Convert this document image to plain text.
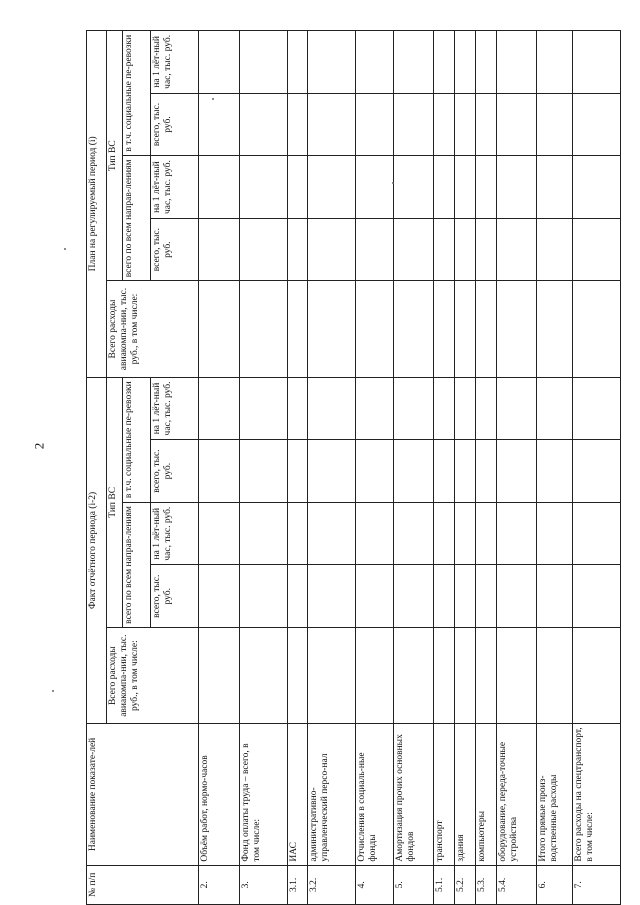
2
№ п/п	Наименование показате-лей	Факт отчётного периода (i-2)					План на регулируемый период (i)				
		Всего расходы авиакомпа-нии, тыс. руб., в том числе:	Тип ВС				Всего расходы авиакомпа-нии, тыс. руб., в том числе:	Тип ВС			
			всего по всем направ-лениям		в т.ч. социальные пе-ревозки			всего по всем направ-лениям		в т.ч. социальные пе-ревозки	
			всего, тыс. руб.	на 1 лёт-ный час, тыс. руб.	всего, тыс. руб.	на 1 лёт-ный час, тыс. руб.		всего, тыс. руб.	на 1 лёт-ный час, тыс. руб.	всего, тыс. руб.	на 1 лёт-ный час, тыс. руб.

2.	Объём работ, нормо-часов										
3.	Фонд оплаты труда – всего, в том числе:										
3.1.	ИАС										
3.2.	административно-управленческий персо-нал										
4.	Отчисления в социаль-ные фонды										
5.	Амортизация прочих основных фондов										
5.1.	транспорт										
5.2.	здания										
5.3.	компьютеры										
5.4.	оборудование, переда-точные устройства										
6.	Итого прямые произ-водственные расходы										
7.	Всего расходы на спецтранспорт, в том числе:										
